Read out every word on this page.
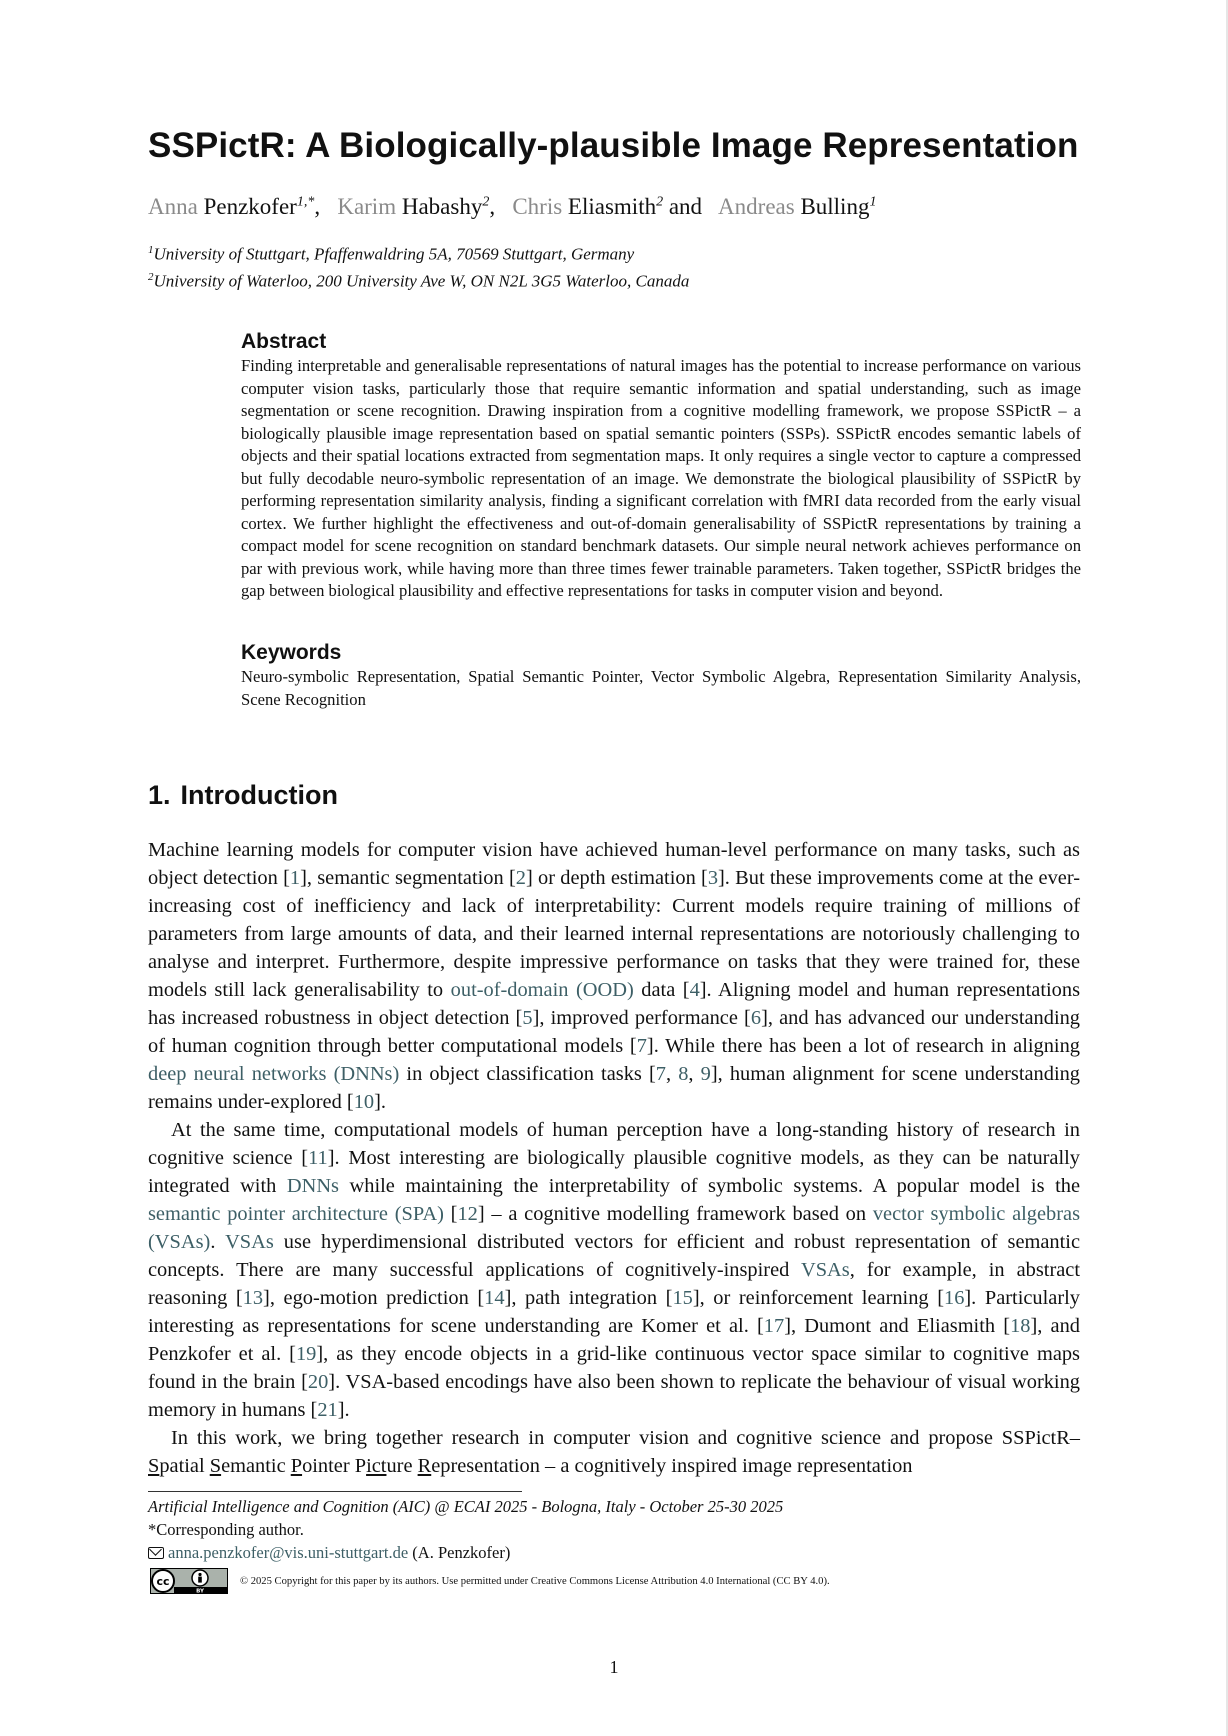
SSPictR: A Biologically-plausible Image Representation
Anna Penzkofer$^{1,*}$,   Karim Habashy$^2$,   Chris Eliasmith$^2$ and   Andreas Bulling$^1$
$^1$University of Stuttgart, Pfaffenwaldring 5A, 70569 Stuttgart, Germany
$^2$University of Waterloo, 200 University Ave W, ON N2L 3G5 Waterloo, Canada
Abstract

Finding interpretable and generalisable representations of natural images has the potential to increase performance on various computer vision tasks, particularly those that require semantic information and spatial understanding, such as image segmentation or scene recognition. Drawing inspiration from a cognitive modelling framework, we propose SSPictR – a biologically plausible image representation based on spatial semantic pointers (SSPs). SSPictR encodes semantic labels of objects and their spatial locations extracted from segmentation maps. It only requires a single vector to capture a compressed but fully decodable neuro-symbolic representation of an image. We demonstrate the biological plausibility of SSPictR by performing representation similarity analysis, finding a significant correlation with fMRI data recorded from the early visual cortex. We further highlight the effectiveness and out-of-domain generalisability of SSPictR representations by training a compact model for scene recognition on standard benchmark datasets. Our simple neural network achieves performance on par with previous work, while having more than three times fewer trainable parameters. Taken together, SSPictR bridges the gap between biological plausibility and effective representations for tasks in computer vision and beyond.

Keywords

Neuro-symbolic Representation, Spatial Semantic Pointer, Vector Symbolic Algebra, Representation Similarity Analysis, Scene Recognition

1. Introduction

Machine learning models for computer vision have achieved human-level performance on many tasks, such as object detection [1], semantic segmentation [2] or depth estimation [3]. But these improvements come at the ever-increasing cost of inefficiency and lack of interpretability: Current models require training of millions of parameters from large amounts of data, and their learned internal representations are notoriously challenging to analyse and interpret. Furthermore, despite impressive performance on tasks that they were trained for, these models still lack generalisability to out-of-domain (OOD) data [4]. Aligning model and human representations has increased robustness in object detection [5], improved performance [6], and has advanced our understanding of human cognition through better computational models [7]. While there has been a lot of research in aligning deep neural networks (DNNs) in object classification tasks [7, 8, 9], human alignment for scene understanding remains under-explored [10].

At the same time, computational models of human perception have a long-standing history of research in cognitive science [11]. Most interesting are biologically plausible cognitive models, as they can be naturally integrated with DNNs while maintaining the interpretability of symbolic systems. A popular model is the semantic pointer architecture (SPA) [12] – a cognitive modelling framework based on vector symbolic algebras (VSAs). VSAs use hyperdimensional distributed vectors for efficient and robust representation of semantic concepts. There are many successful applications of cognitively-inspired VSAs, for example, in abstract reasoning [13], ego-motion prediction [14], path integration [15], or reinforcement learning [16]. Particularly interesting as representations for scene understanding are Komer et al. [17], Dumont and Eliasmith [18], and Penzkofer et al. [19], as they encode objects in a grid-like continuous vector space similar to cognitive maps found in the brain [20]. VSA-based encodings have also been shown to replicate the behaviour of visual working memory in humans [21].

In this work, we bring together research in computer vision and cognitive science and propose SSPictR– Spatial Semantic Pointer Picture Representation – a cognitively inspired image representation

Artificial Intelligence and Cognition (AIC) @ ECAI 2025 - Bologna, Italy - October 25-30 2025
*Corresponding author.
anna.penzkofer@vis.uni-stuttgart.de (A. Penzkofer)
cc
BY
© 2025 Copyright for this paper by its authors. Use permitted under Creative Commons License Attribution 4.0 International (CC BY 4.0).
1
